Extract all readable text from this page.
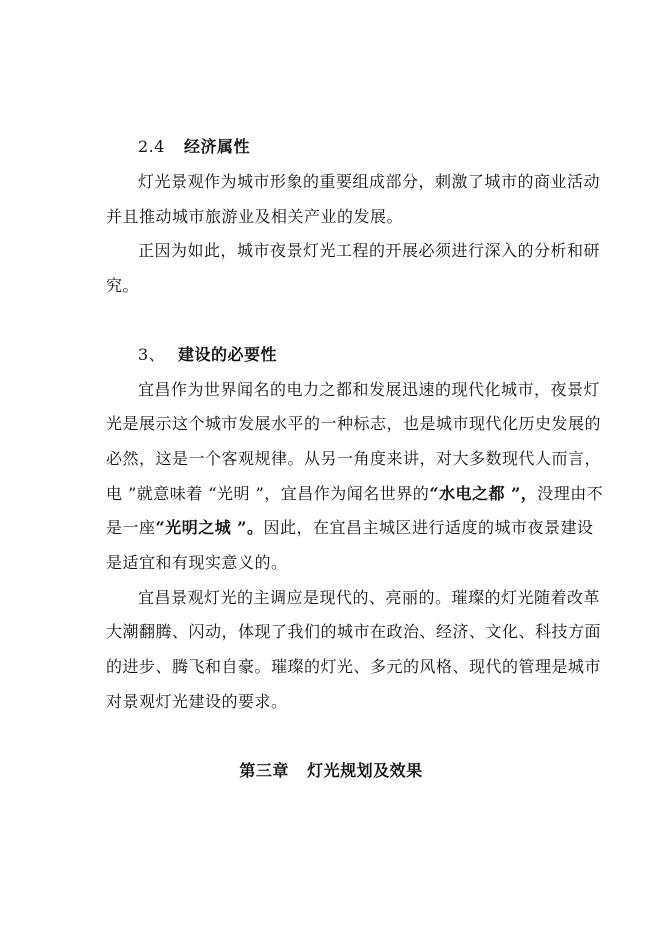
2.4 经济属性
灯光景观作为城市形象的重要组成部分，刺激了城市的商业活动
并且推动城市旅游业及相关产业的发展。
正因为如此，城市夜景灯光工程的开展必须进行深入的分析和研
究。
3、 建设的必要性
宜昌作为世界闻名的电力之都和发展迅速的现代化城市，夜景灯
光是展示这个城市发展水平的一种标志，也是城市现代化历史发展的
必然，这是一个客观规律。从另一角度来讲，对大多数现代人而言，
电 ”就意味着 “光明 ”，宜昌作为闻名世界的“水电之都 ”，没理由不
是一座“光明之城 ”。因此，在宜昌主城区进行适度的城市夜景建设
是适宜和有现实意义的。
宜昌景观灯光的主调应是现代的、亮丽的。璀璨的灯光随着改革
大潮翻腾、闪动，体现了我们的城市在政治、经济、文化、科技方面
的进步、腾飞和自豪。璀璨的灯光、多元的风格、现代的管理是城市
对景观灯光建设的要求。
第三章   灯光规划及效果
